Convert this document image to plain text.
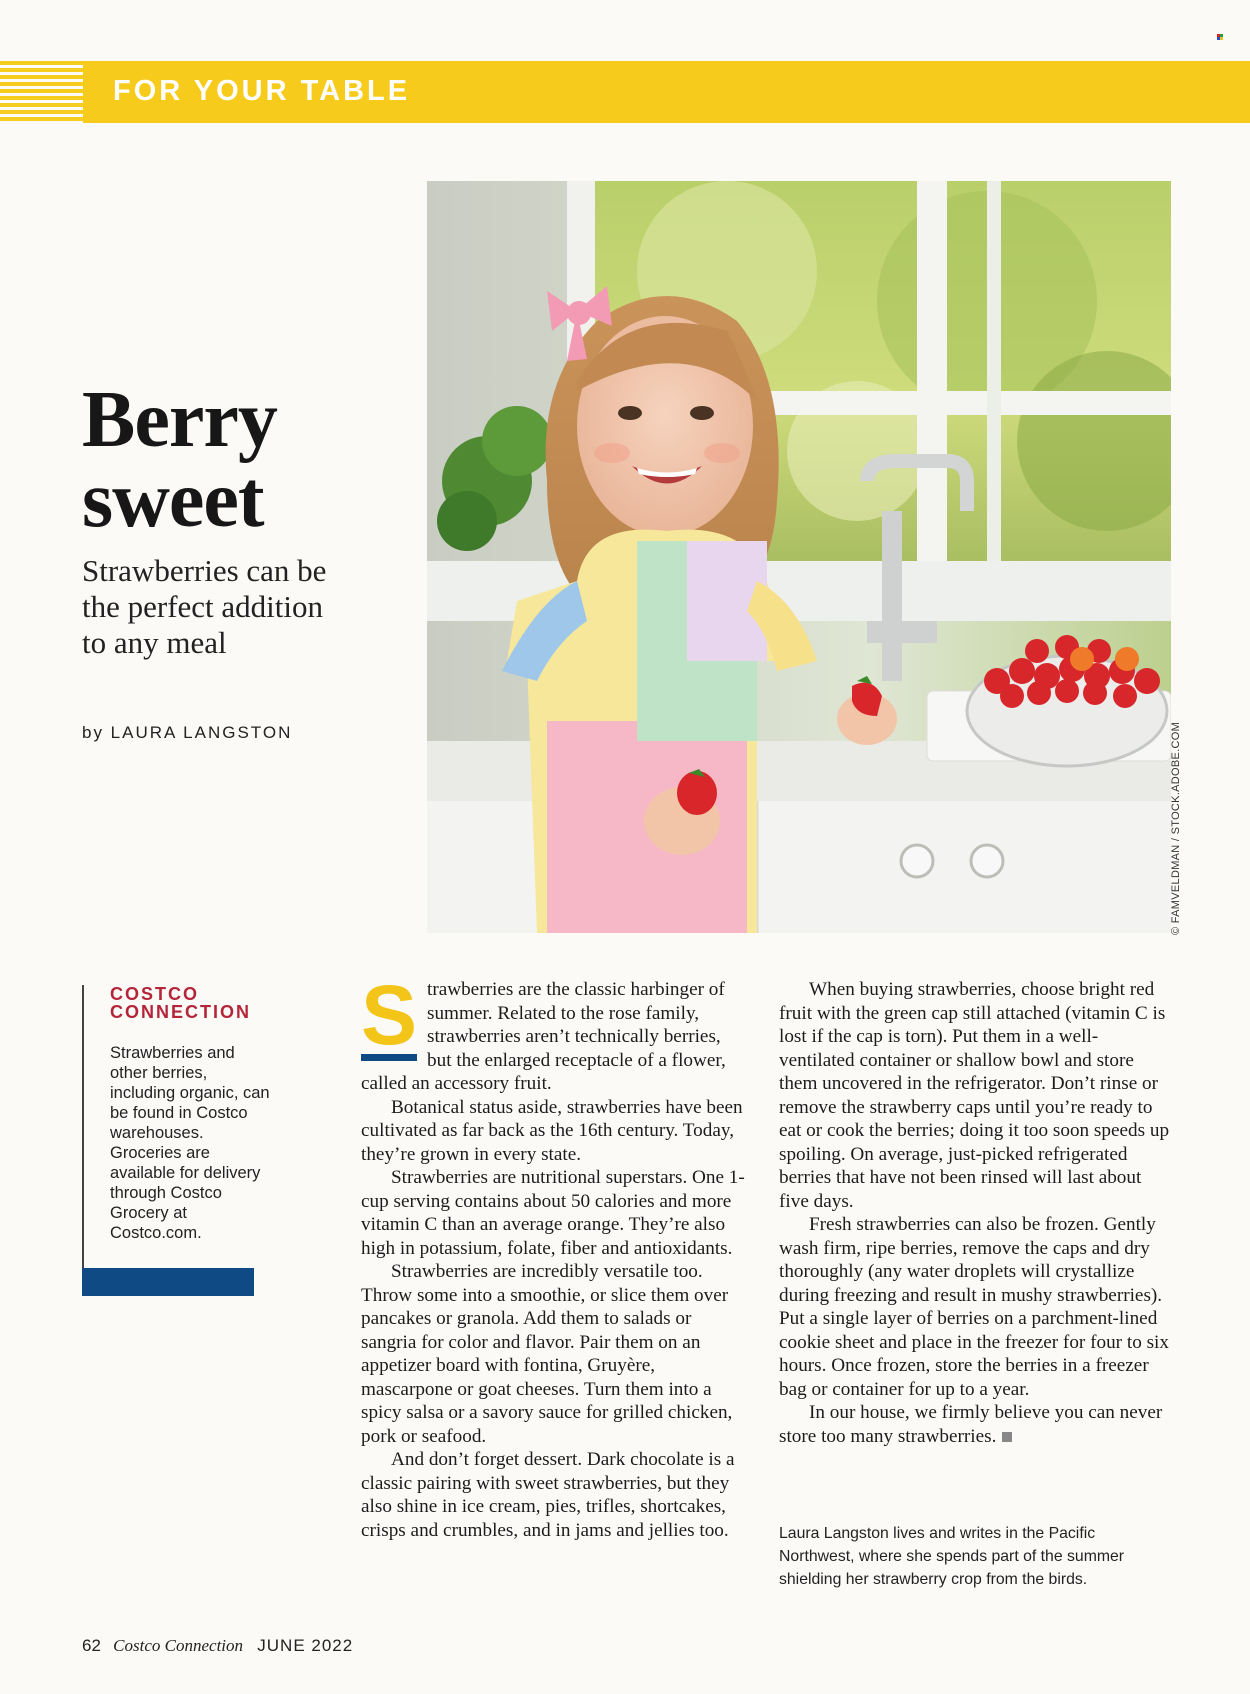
FOR YOUR TABLE
Berry
sweet
Strawberries can be the perfect addition to any meal
by LAURA LANGSTON	© FAMVELDMAN / STOCK.ADOBE.COM
COSTCO
CONNECTION
Strawberries and other berries, including organic, can be found in Costco warehouses. Groceries are available for delivery through Costco Grocery at Costco.com.
S trawberries are the classic harbinger of summer. Related to the rose family, strawberries aren’t technically berries, but the enlarged receptacle of a flower, called an accessory fruit.

Botanical status aside, strawberries have been cultivated as far back as the 16th century. Today, they’re grown in every state.

Strawberries are nutritional superstars. One 1-cup serving contains about 50 calories and more vitamin C than an average orange. They’re also high in potassium, folate, fiber and antioxidants.

Strawberries are incredibly versatile too. Throw some into a smoothie, or slice them over pancakes or granola. Add them to salads or sangria for color and flavor. Pair them on an appetizer board with fontina, Gruyère, mascarpone or goat cheeses. Turn them into a spicy salsa or a savory sauce for grilled chicken, pork or seafood.

And don’t forget dessert. Dark chocolate is a classic pairing with sweet strawberries, but they also shine in ice cream, pies, trifles, shortcakes, crisps and crumbles, and in jams and jellies too.

When buying strawberries, choose bright red fruit with the green cap still attached (vitamin C is lost if the cap is torn). Put them in a well-ventilated container or shallow bowl and store them uncovered in the refrigerator. Don’t rinse or remove the strawberry caps until you’re ready to eat or cook the berries; doing it too soon speeds up spoiling. On average, just-picked refrigerated berries that have not been rinsed will last about five days.

Fresh strawberries can also be frozen. Gently wash firm, ripe berries, remove the caps and dry thoroughly (any water droplets will crystallize during freezing and result in mushy strawberries). Put a single layer of berries on a parchment-lined cookie sheet and place in the freezer for four to six hours. Once frozen, store the berries in a freezer bag or container for up to a year.

In our house, we firmly believe you can never store too many strawberries.

Laura Langston lives and writes in the Pacific Northwest, where she spends part of the summer shielding her strawberry crop from the birds.
62 Costco Connection JUNE 2022
